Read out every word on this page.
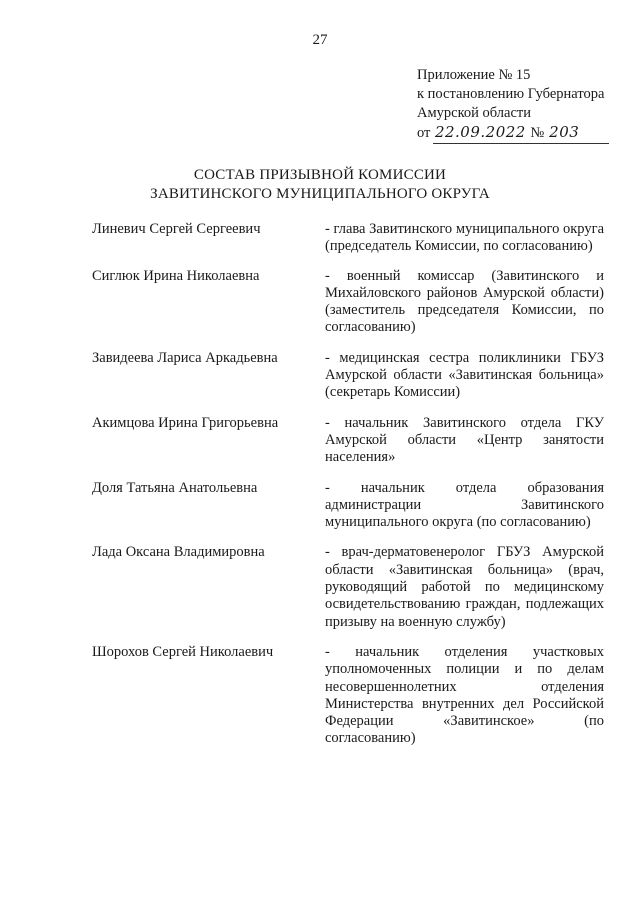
27
Приложение № 15
к постановлению Губернатора
Амурской области
от 22.09.2022 № 203
СОСТАВ ПРИЗЫВНОЙ КОМИССИИ
ЗАВИТИНСКОГО МУНИЦИПАЛЬНОГО ОКРУГА
Линевич Сергей Сергеевич	- глава Завитинского муниципального округа (председатель Комиссии, по согласованию)
Сиглюк Ирина Николаевна	- военный комиссар (Завитинского и Михайловского районов Амурской области) (заместитель председателя Комиссии, по согласованию)
Завидеева Лариса Аркадьевна	- медицинская сестра поликлиники ГБУЗ Амурской области «Завитинская больница» (секретарь Комиссии)
Акимцова Ирина Григорьевна	- начальник Завитинского отдела ГКУ Амурской области «Центр занятости населения»
Доля Татьяна Анатольевна	- начальник отдела образования администрации Завитинского муниципального округа (по согласованию)
Лада Оксана Владимировна	- врач-дерматовенеролог ГБУЗ Амурской области «Завитинская больница» (врач, руководящий работой по медицинскому освидетельствованию граждан, подлежащих призыву на военную службу)
Шорохов Сергей Николаевич	- начальник отделения участковых уполномоченных полиции и по делам несовершеннолетних отделения Министерства внутренних дел Российской Федерации «Завитинское» (по согласованию)
